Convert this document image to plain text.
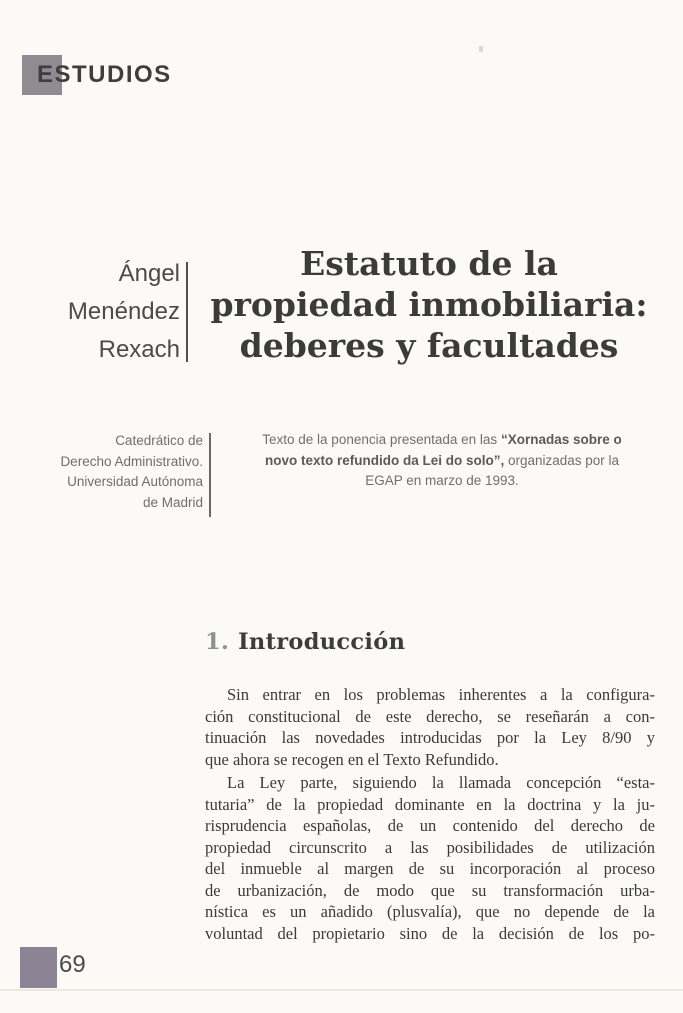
ESTUDIOS
Ángel
Menéndez
Rexach
Estatuto de la
propiedad inmobiliaria:
deberes y facultades
Catedrático de
Derecho Administrativo.
Universidad Autónoma
de Madrid
Texto de la ponencia presentada en las “Xornadas sobre o
novo texto refundido da Lei do solo”, organizadas por la
EGAP en marzo de 1993.
1. Introducción
Sin entrar en los problemas inherentes a la configura-
ción constitucional de este derecho, se reseñarán a con-
tinuación las novedades introducidas por la Ley 8/90 y
que ahora se recogen en el Texto Refundido.
La Ley parte, siguiendo la llamada concepción “esta-
tutaria” de la propiedad dominante en la doctrina y la ju-
risprudencia españolas, de un contenido del derecho de
propiedad circunscrito a las posibilidades de utilización
del inmueble al margen de su incorporación al proceso
de urbanización, de modo que su transformación urba-
nística es un añadido (plusvalía), que no depende de la
voluntad del propietario sino de la decisión de los po-
69
